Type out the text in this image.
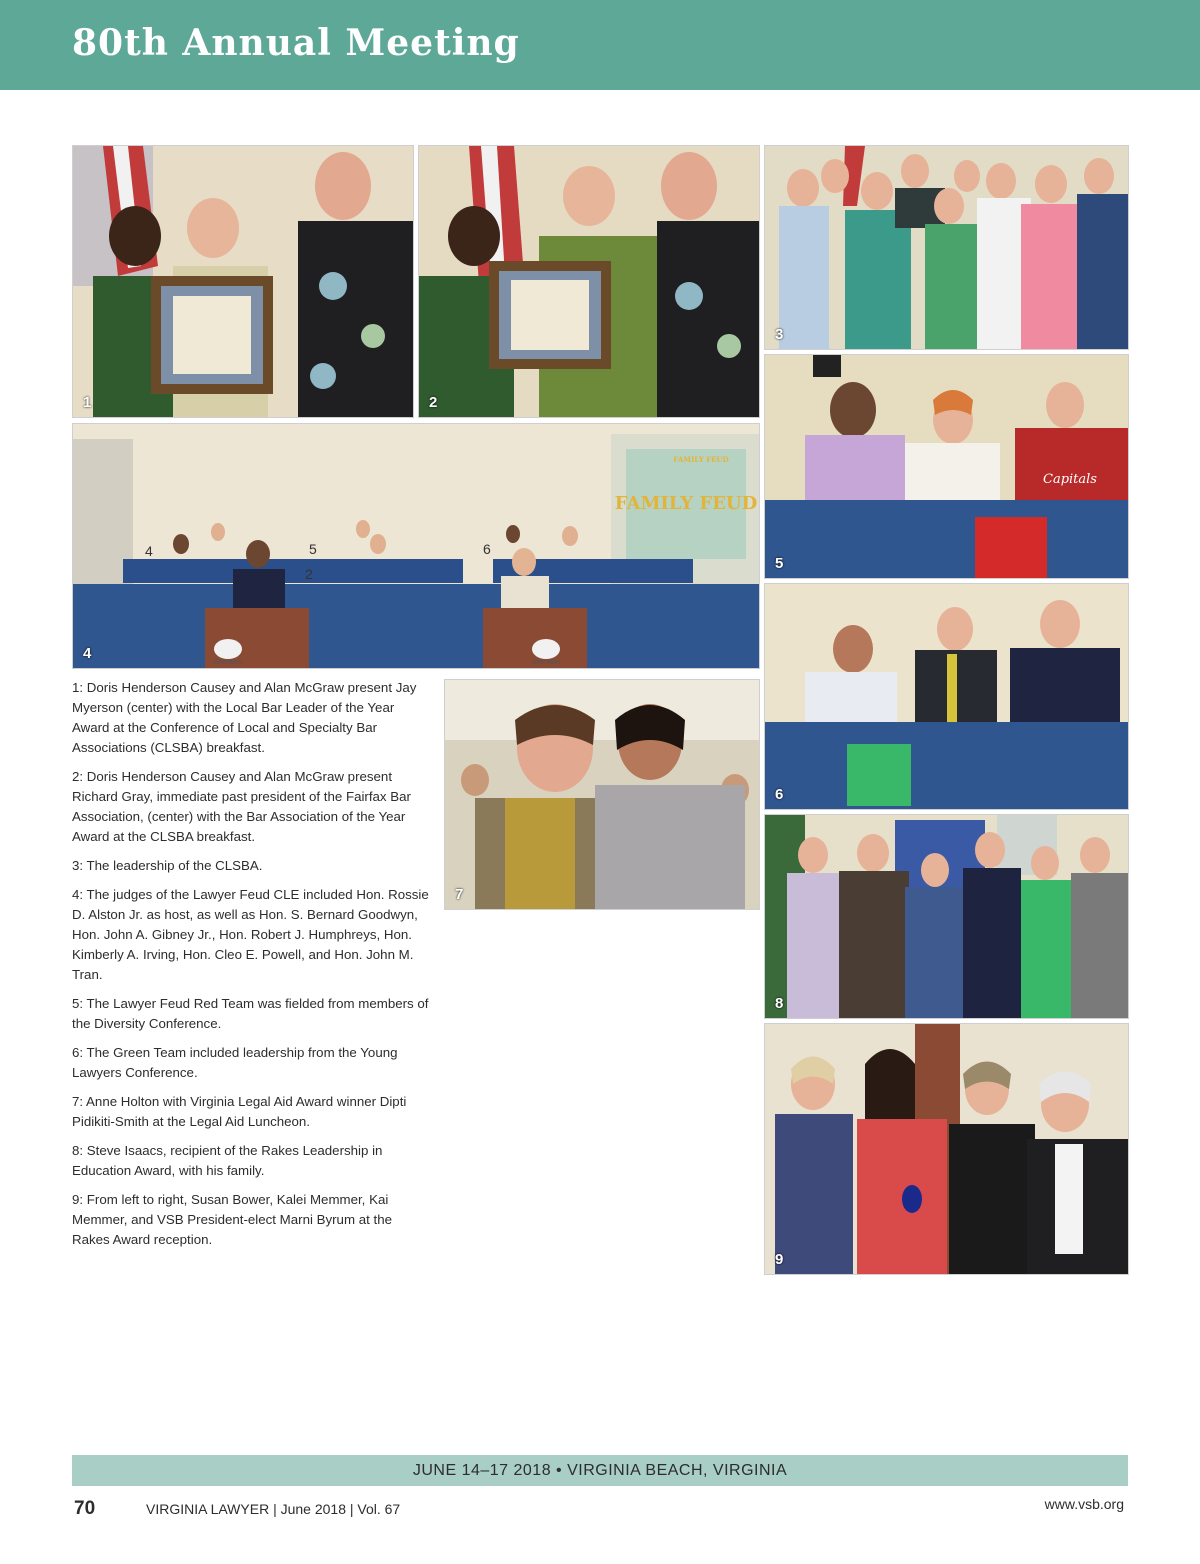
80th Annual Meeting
1	2
3
FAMILY FEUD
FAMILY FEUD
4	5
2
6
Sheraton	Sheraton
4
Capitals
5
6
7
8
9

1: Doris Henderson Causey and Alan McGraw present Jay Myerson (center) with the Local Bar Leader of the Year Award at the Conference of Local and Specialty Bar Associations (CLSBA) breakfast.

2: Doris Henderson Causey and Alan McGraw present Richard Gray, immediate past president of the Fairfax Bar Association, (center) with the Bar Association of the Year Award at the CLSBA breakfast.

3: The leadership of the CLSBA.

4: The judges of the Lawyer Feud CLE included Hon. Rossie D. Alston Jr. as host, as well as Hon. S. Bernard Goodwyn, Hon. John A. Gibney Jr., Hon. Robert J. Humphreys, Hon. Kimberly A. Irving, Hon. Cleo E. Powell, and Hon. John M. Tran.

5: The Lawyer Feud Red Team was fielded from members of the Diversity Conference.

6: The Green Team included leadership from the Young Lawyers Conference.

7: Anne Holton with Virginia Legal Aid Award winner Dipti Pidikiti-Smith at the Legal Aid Luncheon.

8: Steve Isaacs, recipient of the Rakes Leadership in Education Award, with his family.

9: From left to right, Susan Bower, Kalei Memmer, Kai Memmer, and VSB President-elect Marni Byrum at the Rakes Award reception.

JUNE 14–17 2018 • VIRGINIA BEACH, VIRGINIA
70	VIRGINIA LAWYER | June 2018 | Vol. 67	www.vsb.org
